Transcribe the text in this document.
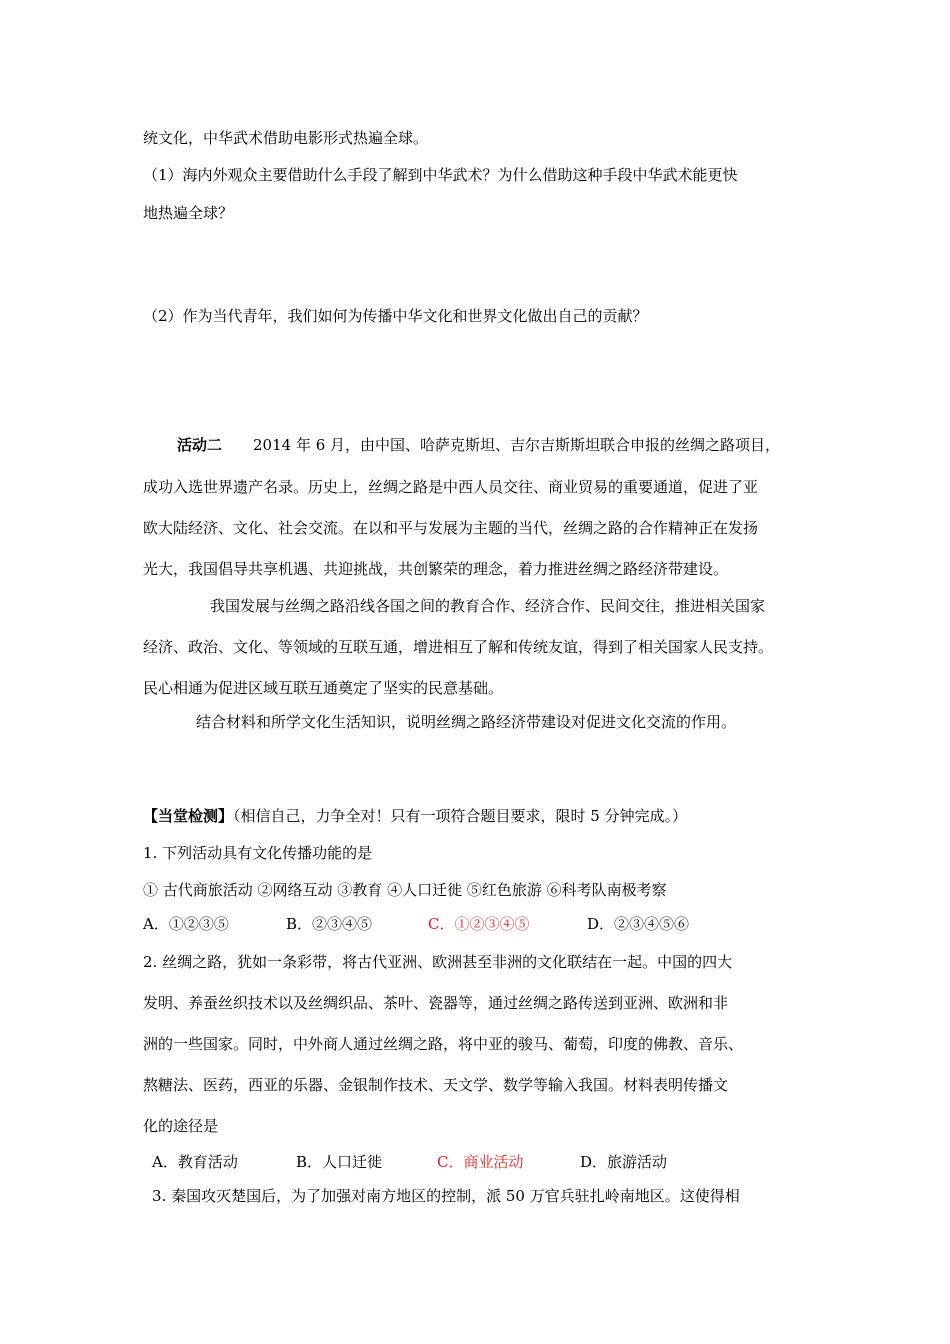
统文化，中华武术借助电影形式热遍全球。
（1）海内外观众主要借助什么手段了解到中华武术？为什么借助这种手段中华武术能更快
地热遍全球？
（2）作为当代青年，我们如何为传播中华文化和世界文化做出自己的贡献？
活动二 2014 年 6 月，由中国、哈萨克斯坦、吉尔吉斯斯坦联合申报的丝绸之路项目，
成功入选世界遗产名录。历史上，丝绸之路是中西人员交往、商业贸易的重要通道，促进了亚
欧大陆经济、文化、社会交流。在以和平与发展为主题的当代，丝绸之路的合作精神正在发扬
光大，我国倡导共享机遇、共迎挑战，共创繁荣的理念，着力推进丝绸之路经济带建设。
我国发展与丝绸之路沿线各国之间的教育合作、经济合作、民间交往，推进相关国家
经济、政治、文化、等领域的互联互通，增进相互了解和传统友谊，得到了相关国家人民支持。
民心相通为促进区域互联互通奠定了坚实的民意基础。
结合材料和所学文化生活知识，说明丝绸之路经济带建设对促进文化交流的作用。
【当堂检测】（相信自己，力争全对！只有一项符合题目要求，限时 5 分钟完成。）
1. 下列活动具有文化传播功能的是
① 古代商旅活动 ②网络互动 ③教育 ④人口迁徙 ⑤红色旅游 ⑥科考队南极考察
A．①②③⑤	B．②③④⑤	C．①②③④⑤	D．②③④⑤⑥
2. 丝绸之路，犹如一条彩带，将古代亚洲、欧洲甚至非洲的文化联结在一起。中国的四大
发明、养蚕丝织技术以及丝绸织品、茶叶、瓷器等，通过丝绸之路传送到亚洲、欧洲和非
洲的一些国家。同时，中外商人通过丝绸之路，将中亚的骏马、葡萄，印度的佛教、音乐、
熬糖法、医药，西亚的乐器、金银制作技术、天文学、数学等输入我国。材料表明传播文
化的途径是
A．教育活动	B．人口迁徙	C．商业活动	D．旅游活动
3. 秦国攻灭楚国后，为了加强对南方地区的控制，派 50 万官兵驻扎岭南地区。这使得相
